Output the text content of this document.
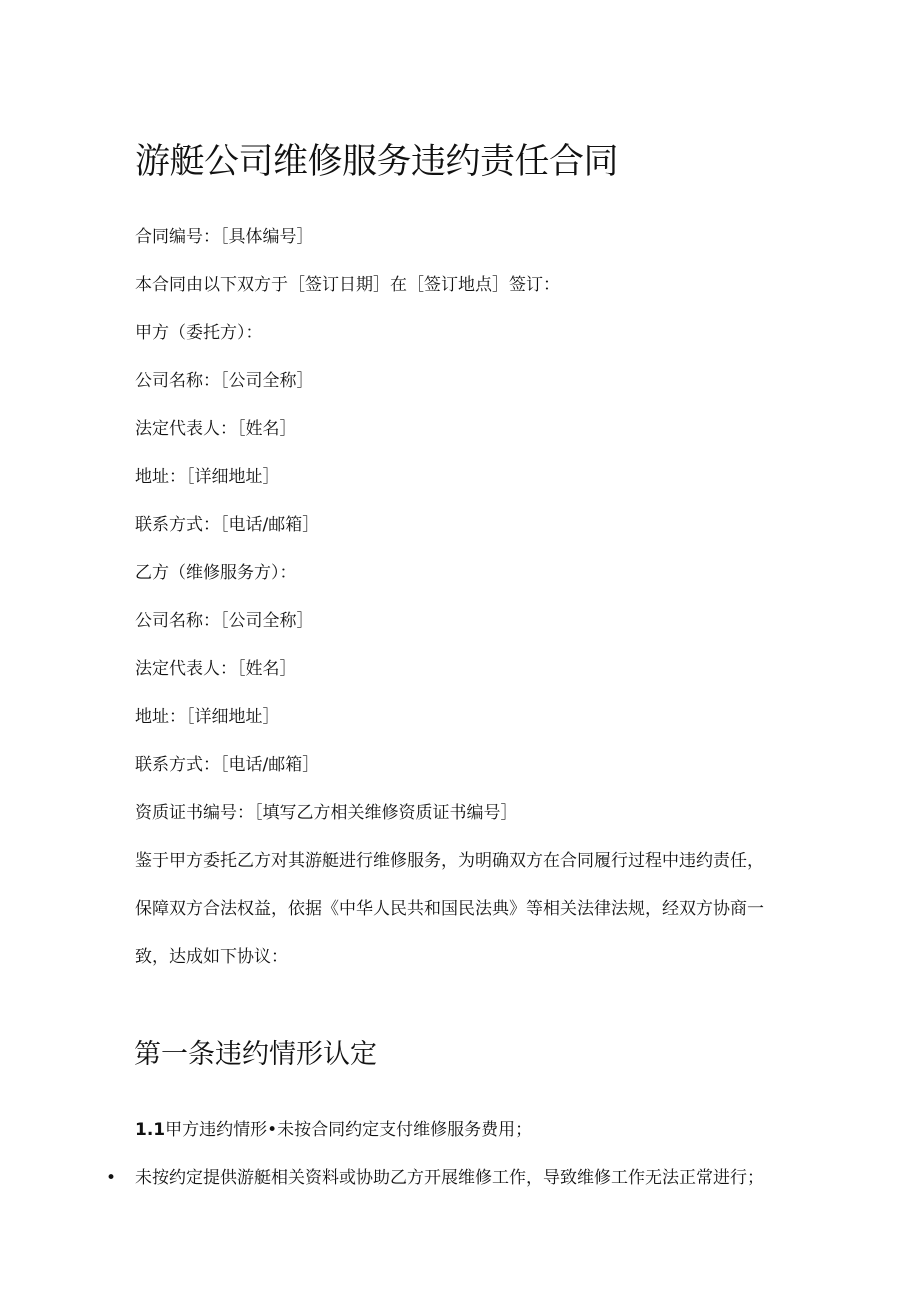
游艇公司维修服务违约责任合同

合同编号：［具体编号］

本合同由以下双方于［签订日期］在［签订地点］签订：

甲方（委托方）：

公司名称：［公司全称］

法定代表人：［姓名］

地址：［详细地址］

联系方式：［电话/邮箱］

乙方（维修服务方）：

公司名称：［公司全称］

法定代表人：［姓名］

地址：［详细地址］

联系方式：［电话/邮箱］

资质证书编号：［填写乙方相关维修资质证书编号］

鉴于甲方委托乙方对其游艇进行维修服务，为明确双方在合同履行过程中违约责任，

保障双方合法权益，依据《中华人民共和国民法典》等相关法律法规，经双方协商一

致，达成如下协议：

第一条违约情形认定

1.1甲方违约情形•未按合同约定支付维修服务费用；

• 未按约定提供游艇相关资料或协助乙方开展维修工作，导致维修工作无法正常进行；
